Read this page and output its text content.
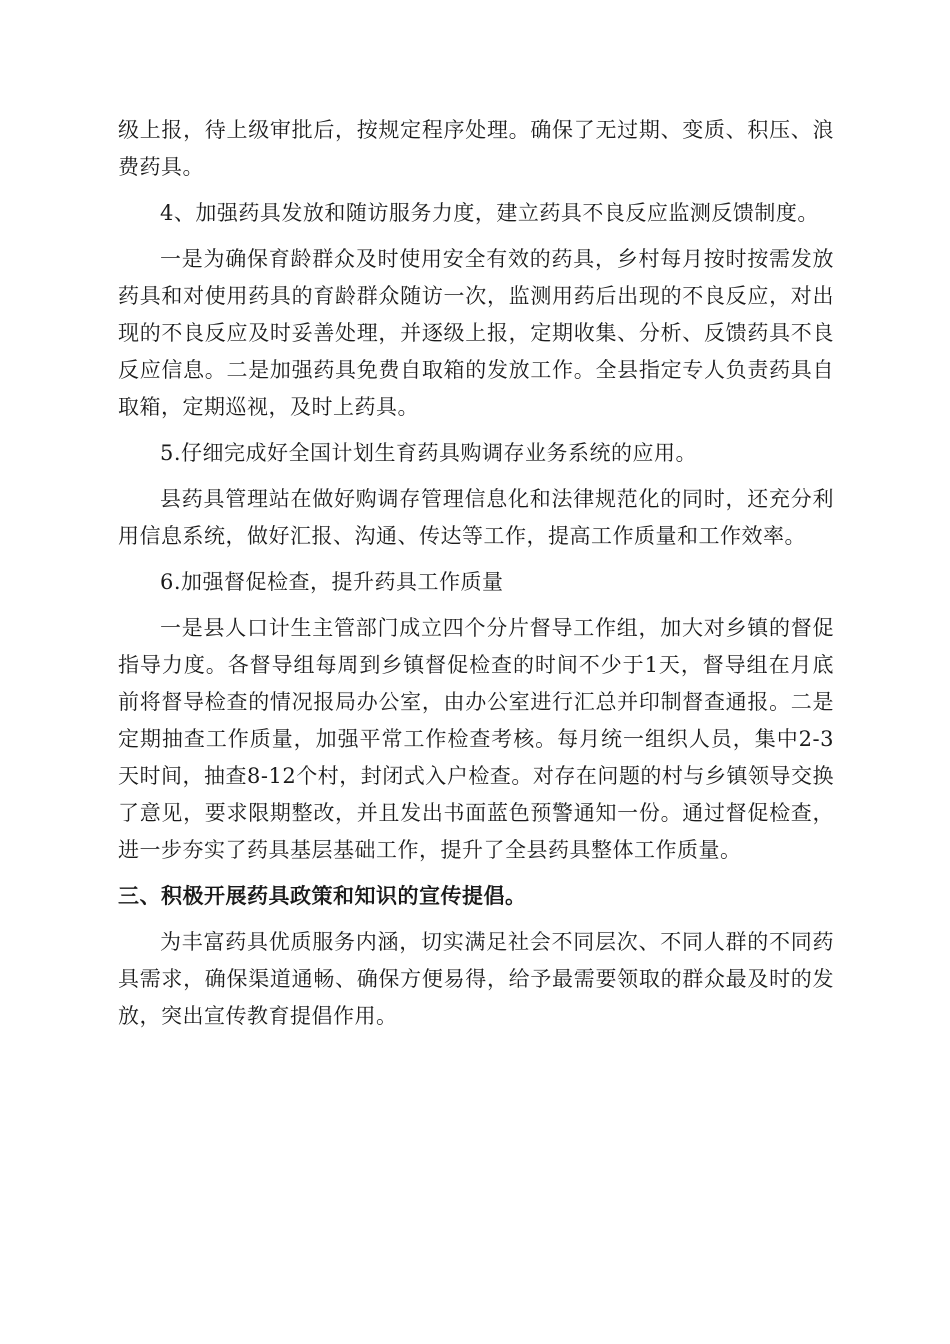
级上报，待上级审批后，按规定程序处理。确保了无过期、变质、积压、浪费药具。

4、加强药具发放和随访服务力度，建立药具不良反应监测反馈制度。

一是为确保育龄群众及时使用安全有效的药具，乡村每月按时按需发放药具和对使用药具的育龄群众随访一次，监测用药后出现的不良反应，对出现的不良反应及时妥善处理，并逐级上报，定期收集、分析、反馈药具不良反应信息。二是加强药具免费自取箱的发放工作。全县指定专人负责药具自取箱，定期巡视，及时上药具。

5.仔细完成好全国计划生育药具购调存业务系统的应用。

县药具管理站在做好购调存管理信息化和法律规范化的同时，还充分利用信息系统，做好汇报、沟通、传达等工作，提高工作质量和工作效率。

6.加强督促检查，提升药具工作质量

一是县人口计生主管部门成立四个分片督导工作组，加大对乡镇的督促指导力度。各督导组每周到乡镇督促检查的时间不少于1天，督导组在月底前将督导检查的情况报局办公室，由办公室进行汇总并印制督查通报。二是定期抽查工作质量，加强平常工作检查考核。每月统一组织人员，集中2-3天时间，抽查8-12个村，封闭式入户检查。对存在问题的村与乡镇领导交换了意见，要求限期整改，并且发出书面蓝色预警通知一份。通过督促检查，进一步夯实了药具基层基础工作，提升了全县药具整体工作质量。

三、积极开展药具政策和知识的宣传提倡。

为丰富药具优质服务内涵，切实满足社会不同层次、不同人群的不同药具需求，确保渠道通畅、确保方便易得，给予最需要领取的群众最及时的发放，突出宣传教育提倡作用。
